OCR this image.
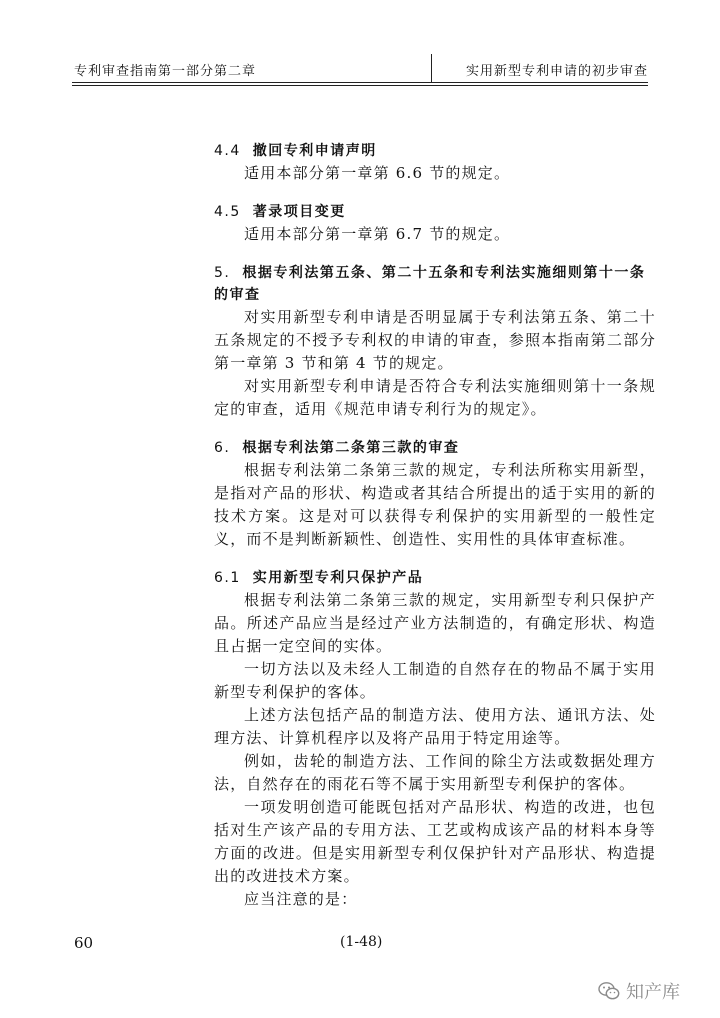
专利审查指南第一部分第二章	实用新型专利申请的初步审查
4.4 撤回专利申请声明

适用本部分第一章第 6.6 节的规定。

4.5 著录项目变更

适用本部分第一章第 6.7 节的规定。

5. 根据专利法第五条、第二十五条和专利法实施细则第十一条的审查

对实用新型专利申请是否明显属于专利法第五条、第二十五条规定的不授予专利权的申请的审查，参照本指南第二部分第一章第 3 节和第 4 节的规定。

对实用新型专利申请是否符合专利法实施细则第十一条规定的审查，适用《规范申请专利行为的规定》。

6. 根据专利法第二条第三款的审查

根据专利法第二条第三款的规定，专利法所称实用新型，是指对产品的形状、构造或者其结合所提出的适于实用的新的技术方案。这是对可以获得专利保护的实用新型的一般性定义，而不是判断新颖性、创造性、实用性的具体审查标准。

6.1 实用新型专利只保护产品

根据专利法第二条第三款的规定，实用新型专利只保护产品。所述产品应当是经过产业方法制造的，有确定形状、构造且占据一定空间的实体。

一切方法以及未经人工制造的自然存在的物品不属于实用新型专利保护的客体。

上述方法包括产品的制造方法、使用方法、通讯方法、处理方法、计算机程序以及将产品用于特定用途等。

例如，齿轮的制造方法、工作间的除尘方法或数据处理方法，自然存在的雨花石等不属于实用新型专利保护的客体。

一项发明创造可能既包括对产品形状、构造的改进，也包括对生产该产品的专用方法、工艺或构成该产品的材料本身等方面的改进。但是实用新型专利仅保护针对产品形状、构造提出的改进技术方案。

应当注意的是：

60	(1-48)
知产库
